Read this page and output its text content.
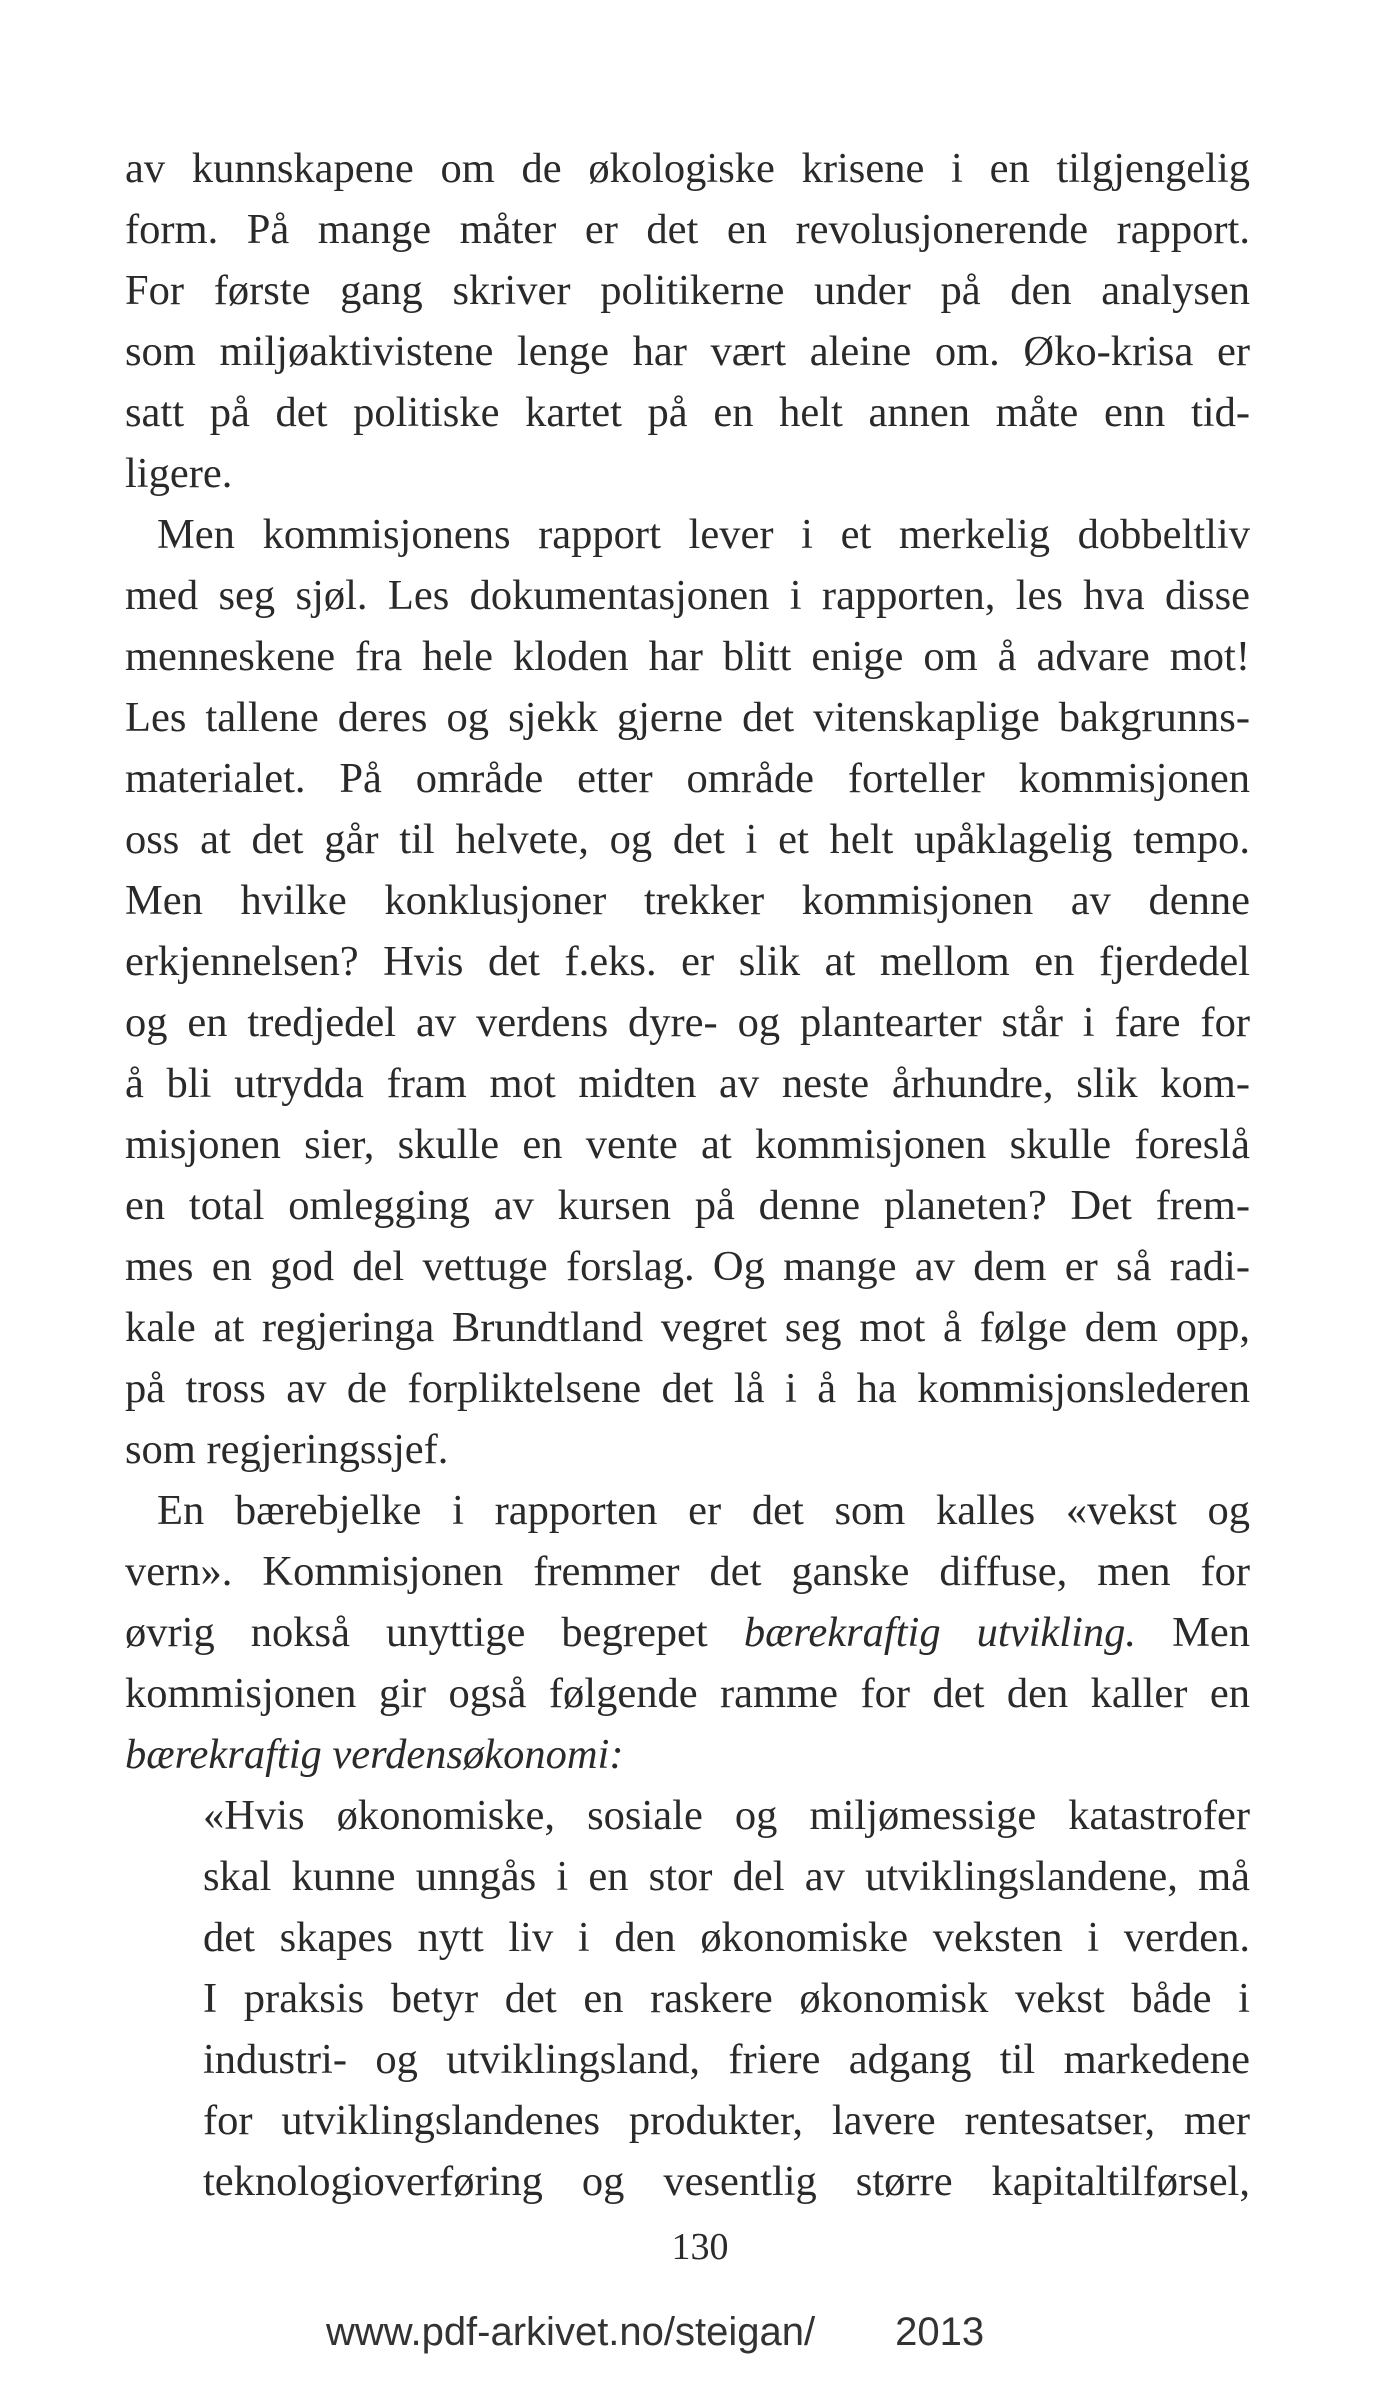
av kunnskapene om de økologiske krisene i en tilgjengelig
form. På mange måter er det en revolusjonerende rapport.
For første gang skriver politikerne under på den analysen
som miljøaktivistene lenge har vært aleine om. Øko-krisa er
satt på det politiske kartet på en helt annen måte enn tid-
ligere.
Men kommisjonens rapport lever i et merkelig dobbeltliv
med seg sjøl. Les dokumentasjonen i rapporten, les hva disse
menneskene fra hele kloden har blitt enige om å advare mot!
Les tallene deres og sjekk gjerne det vitenskaplige bakgrunns-
materialet. På område etter område forteller kommisjonen
oss at det går til helvete, og det i et helt upåklagelig tempo.
Men hvilke konklusjoner trekker kommisjonen av denne
erkjennelsen? Hvis det f.eks. er slik at mellom en fjerdedel
og en tredjedel av verdens dyre- og plantearter står i fare for
å bli utrydda fram mot midten av neste århundre, slik kom-
misjonen sier, skulle en vente at kommisjonen skulle foreslå
en total omlegging av kursen på denne planeten? Det frem-
mes en god del vettuge forslag. Og mange av dem er så radi-
kale at regjeringa Brundtland vegret seg mot å følge dem opp,
på tross av de forpliktelsene det lå i å ha kommisjonslederen
som regjeringssjef.
En bærebjelke i rapporten er det som kalles «vekst og
vern». Kommisjonen fremmer det ganske diffuse, men for
øvrig nokså unyttige begrepet bærekraftig utvikling. Men
kommisjonen gir også følgende ramme for det den kaller en
bærekraftig verdensøkonomi:
«Hvis økonomiske, sosiale og miljømessige katastrofer
skal kunne unngås i en stor del av utviklingslandene, må
det skapes nytt liv i den økonomiske veksten i verden.
I praksis betyr det en raskere økonomisk vekst både i
industri- og utviklingsland, friere adgang til markedene
for utviklingslandenes produkter, lavere rentesatser, mer
teknologioverføring og vesentlig større kapitaltilførsel,
130
www.pdf-arkivet.no/steigan/ 2013
